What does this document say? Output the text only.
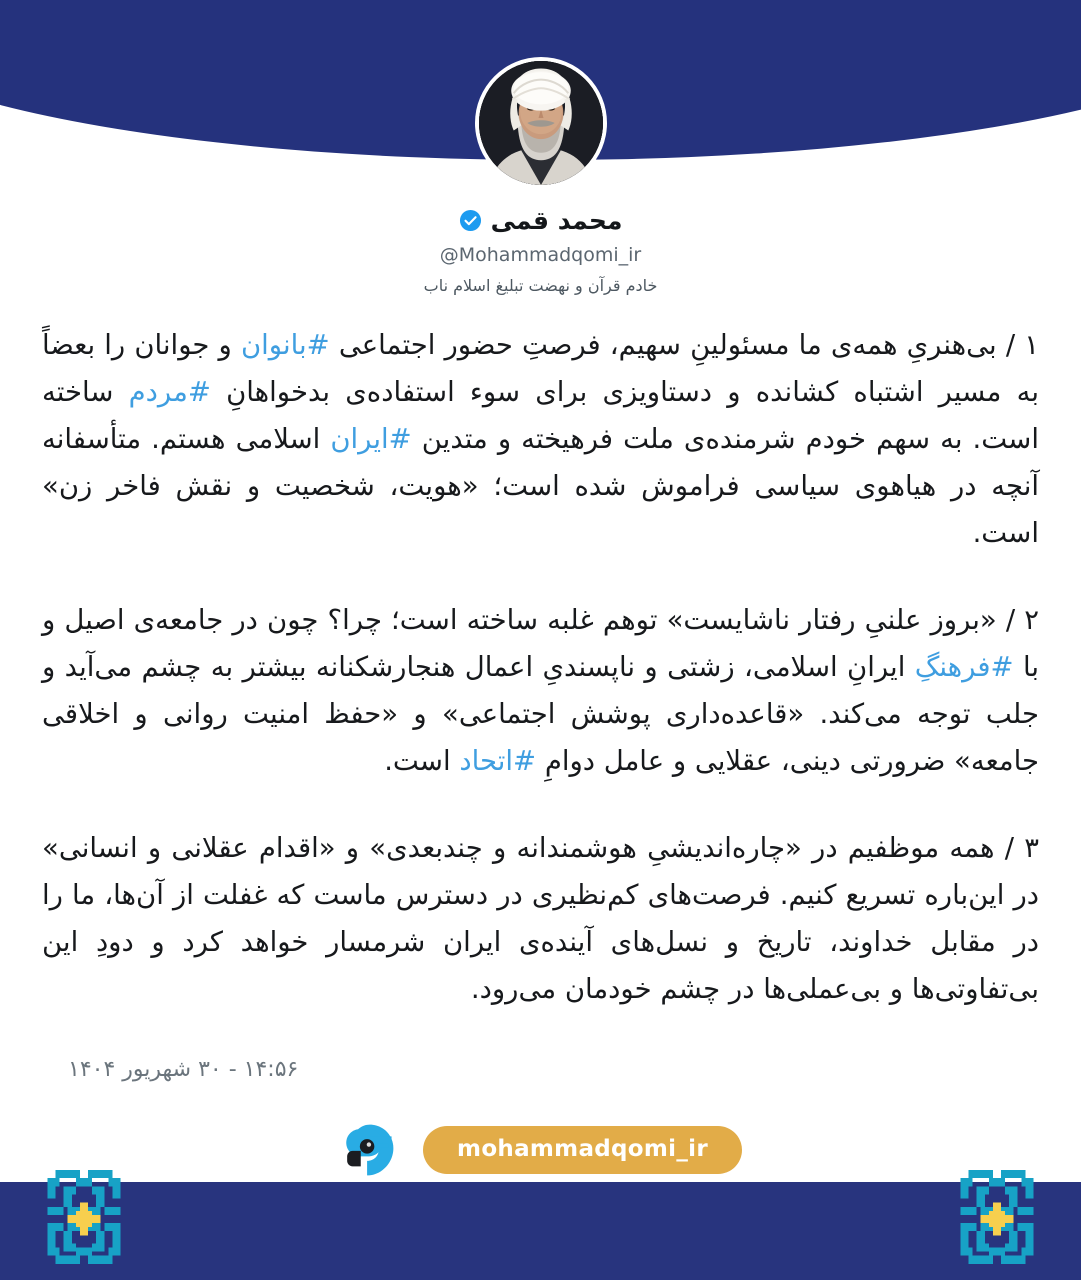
محمد قمی
@Mohammadqomi_ir
خادم قرآن و نهضت تبلیغ اسلام ناب

۱ / بی‌هنریِ همه‌ی ما مسئولینِ سهیم، فرصتِ حضور اجتماعی #بانوان و جوانان را بعضاً به مسیر اشتباه کشانده و دستاویزی برای سوء استفاده‌ی بدخواهانِ #مردم ساخته است. به سهم خودم شرمنده‌ی ملت فرهیخته و متدین #ایران اسلامی هستم. متأسفانه آنچه در هیاهوی سیاسی فراموش شده است؛ «هویت، شخصیت و نقش فاخر زن» است.

۲ / «بروز علنیِ رفتار ناشایست» توهم غلبه ساخته است؛ چرا؟ چون در جامعه‌ی اصیل و با #فرهنگِ ایرانِ اسلامی، زشتی و ناپسندیِ اعمال هنجارشکنانه بیشتر به چشم می‌آید و جلب توجه می‌کند. «قاعده‌داری پوشش اجتماعی» و «حفظ امنیت روانی و اخلاقی جامعه» ضرورتی دینی، عقلایی و عامل دوامِ #اتحاد است.

۳ / همه موظفیم در «چاره‌اندیشیِ هوشمندانه و چندبعدی» و «اقدام عقلانی و انسانی» در این‌باره تسریع کنیم. فرصت‌های کم‌نظیری در دسترس ماست که غفلت از آن‌ها، ما را در مقابل خداوند، تاریخ و نسل‌های آینده‌ی ایران شرمسار خواهد کرد و دودِ این بی‌تفاوتی‌ها و بی‌عملی‌ها در چشم خودمان می‌رود.

۱۴:۵۶ - ۳۰ شهریور ۱۴۰۴
mohammadqomi_ir
